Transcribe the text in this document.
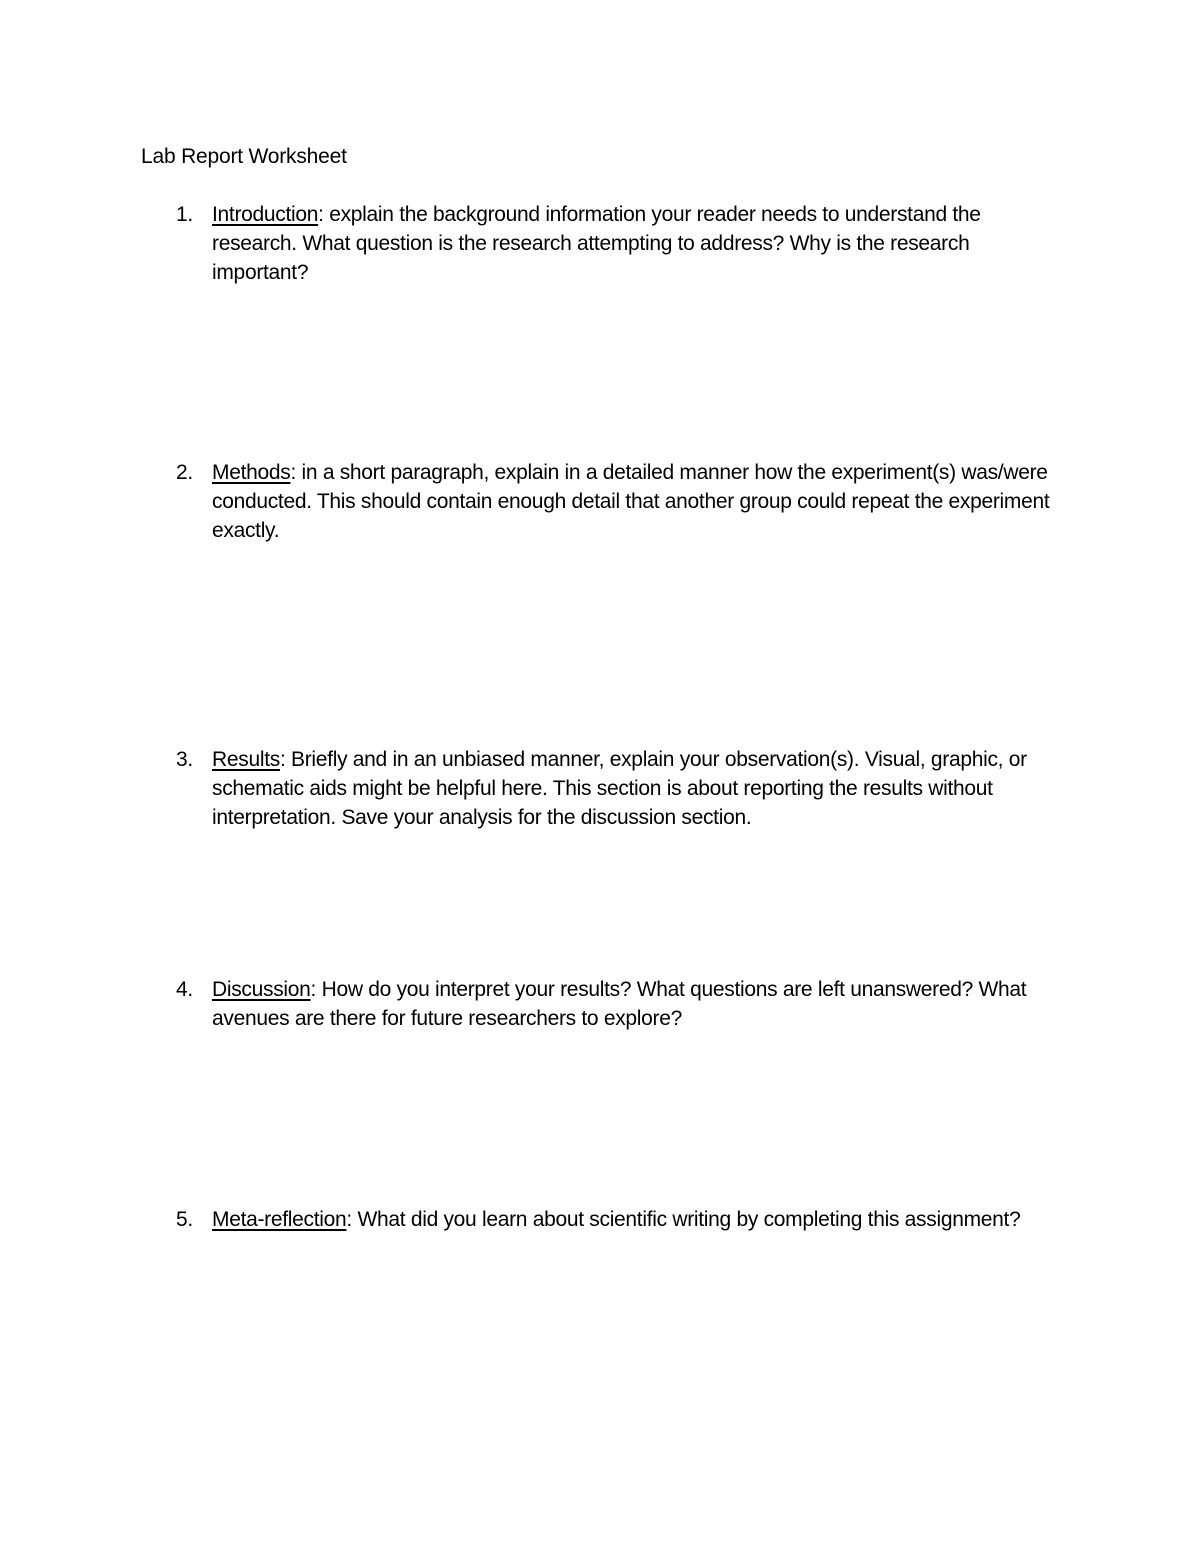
Lab Report Worksheet
1. Introduction: explain the background information your reader needs to understand the research. What question is the research attempting to address? Why is the research important?
2. Methods: in a short paragraph, explain in a detailed manner how the experiment(s) was/were conducted. This should contain enough detail that another group could repeat the experiment exactly.
3. Results: Briefly and in an unbiased manner, explain your observation(s). Visual, graphic, or schematic aids might be helpful here. This section is about reporting the results without interpretation. Save your analysis for the discussion section.
4. Discussion: How do you interpret your results? What questions are left unanswered? What avenues are there for future researchers to explore?
5. Meta-reflection: What did you learn about scientific writing by completing this assignment?
